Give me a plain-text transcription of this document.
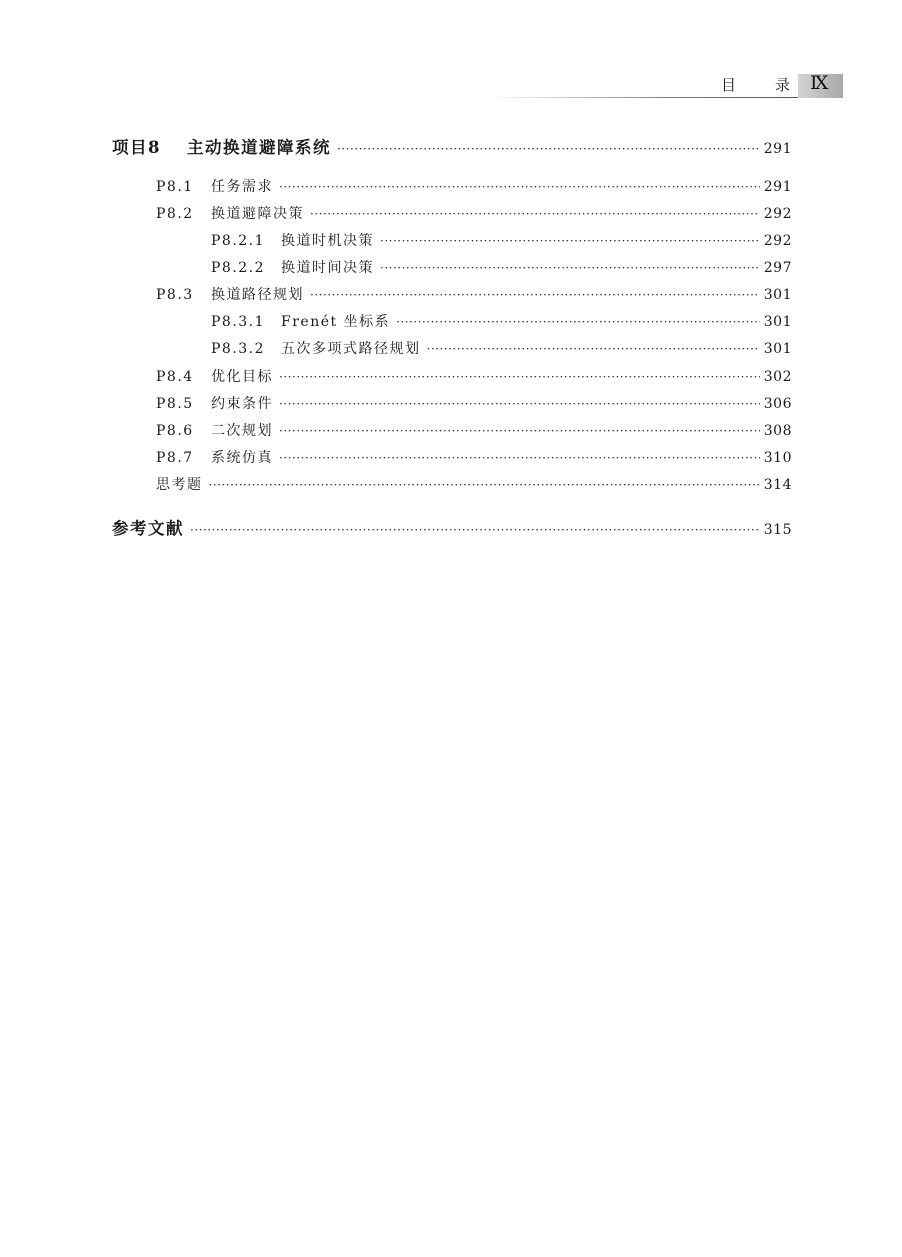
目	录 Ⅸ
项目8	主动换道避障系统 ·····	291
P8.1	任务需求 ·····	291
P8.2	换道避障决策 ·····	292
P8.2.1	换道时机决策 ·····	292
P8.2.2	换道时间决策 ·····	297
P8.3	换道路径规划 ·····	301
P8.3.1	Frenét 坐标系 ·····	301
P8.3.2	五次多项式路径规划 ·····	301
P8.4	优化目标 ·····	302
P8.5	约束条件 ·····	306
P8.6	二次规划 ·····	308
P8.7	系统仿真 ·····	310
思考题 ·····	314
参考文献 ·····	315
